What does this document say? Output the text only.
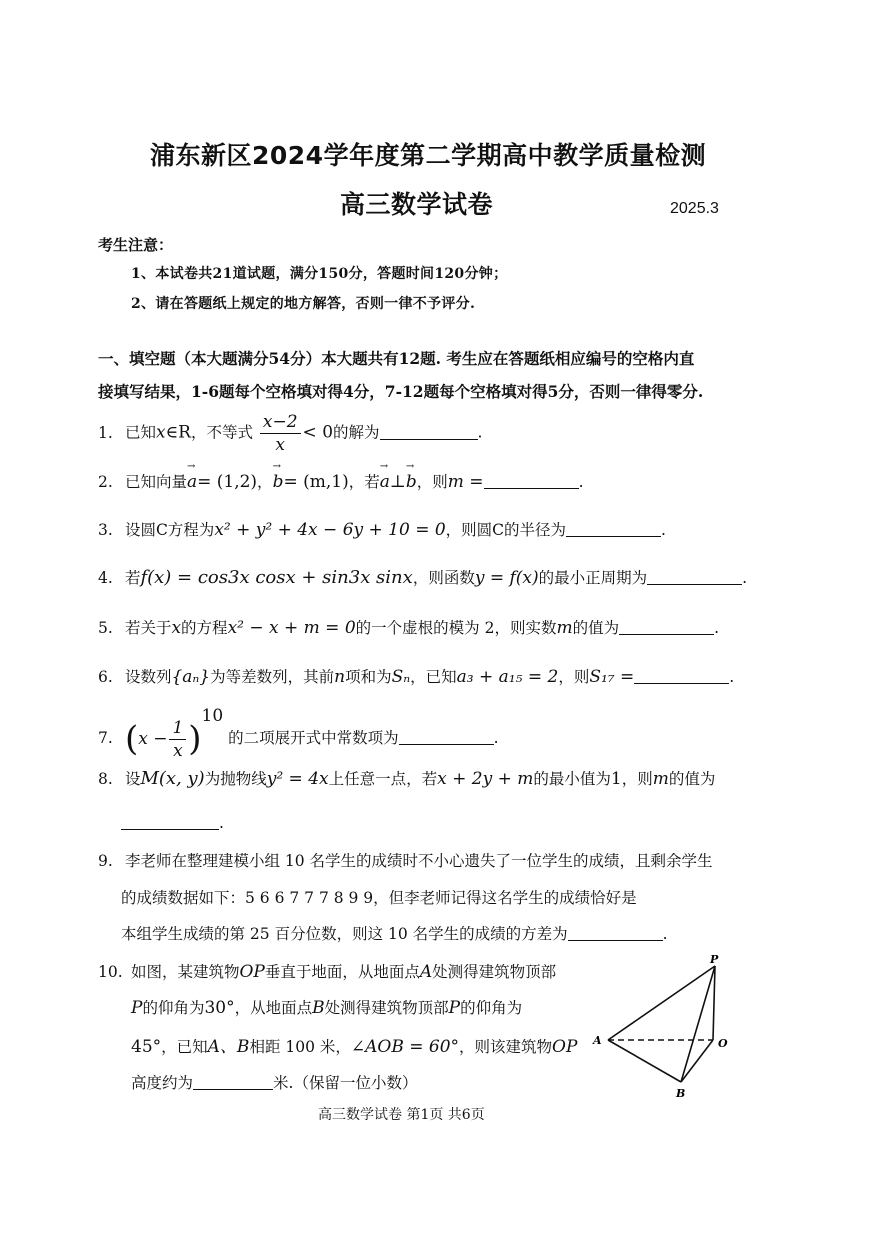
浦东新区2024学年度第二学期高中教学质量检测
高三数学试卷	2025.3
考生注意：
1、本试卷共21道试题，满分150分，答题时间120分钟；
2、请在答题纸上规定的地方解答，否则一律不予评分.
一、填空题（本大题满分54分）本大题共有12题. 考生应在答题纸相应编号的空格内直
接填写结果，1-6题每个空格填对得4分，7-12题每个空格填对得5分，否则一律得零分.
1. 已知x∈R，不等式 $\frac{x-2}{x} < 0$的解为	.
2. 已知向量→ a= (1,2)，→ b= (m,1)，若→ a⊥→ b，则m =	.
3. 设圆C方程为x² + y² + 4x − 6y + 10 = 0，则圆C的半径为	.
4. 若f(x) = cos3x cosx + sin3x sinx，则函数y = f(x)的最小正周期为	.
5. 若关于x的方程x² − x + m = 0的一个虚根的模为 2，则实数m的值为	.
6. 设数列{aₙ}为等差数列，其前n项和为Sₙ，已知a₃ + a₁₅ = 2，则S₁₇ =	.
7. $(x - \frac{1}{x} )^{10}$ 的二项展开式中常数项为	.
8. 设M(x, y)为抛物线y² = 4x上任意一点，若x + 2y + m的最小值为1，则m的值为
.
9. 李老师在整理建模小组 10 名学生的成绩时不小心遗失了一位学生的成绩，且剩余学生
的成绩数据如下：5 6 6 7 7 7 8 9 9，但李老师记得这名学生的成绩恰好是
本组学生成绩的第 25 百分位数，则这 10 名学生的成绩的方差为	.
10. 如图，某建筑物OP垂直于地面，从地面点A处测得建筑物顶部
P的仰角为30°，从地面点B处测得建筑物顶部P的仰角为
45°，已知A、B相距 100 米，∠AOB = 60°，则该建筑物OP
高度约为	米.（保留一位小数）
P
A	O
B
高三数学试卷 第1页 共6页
